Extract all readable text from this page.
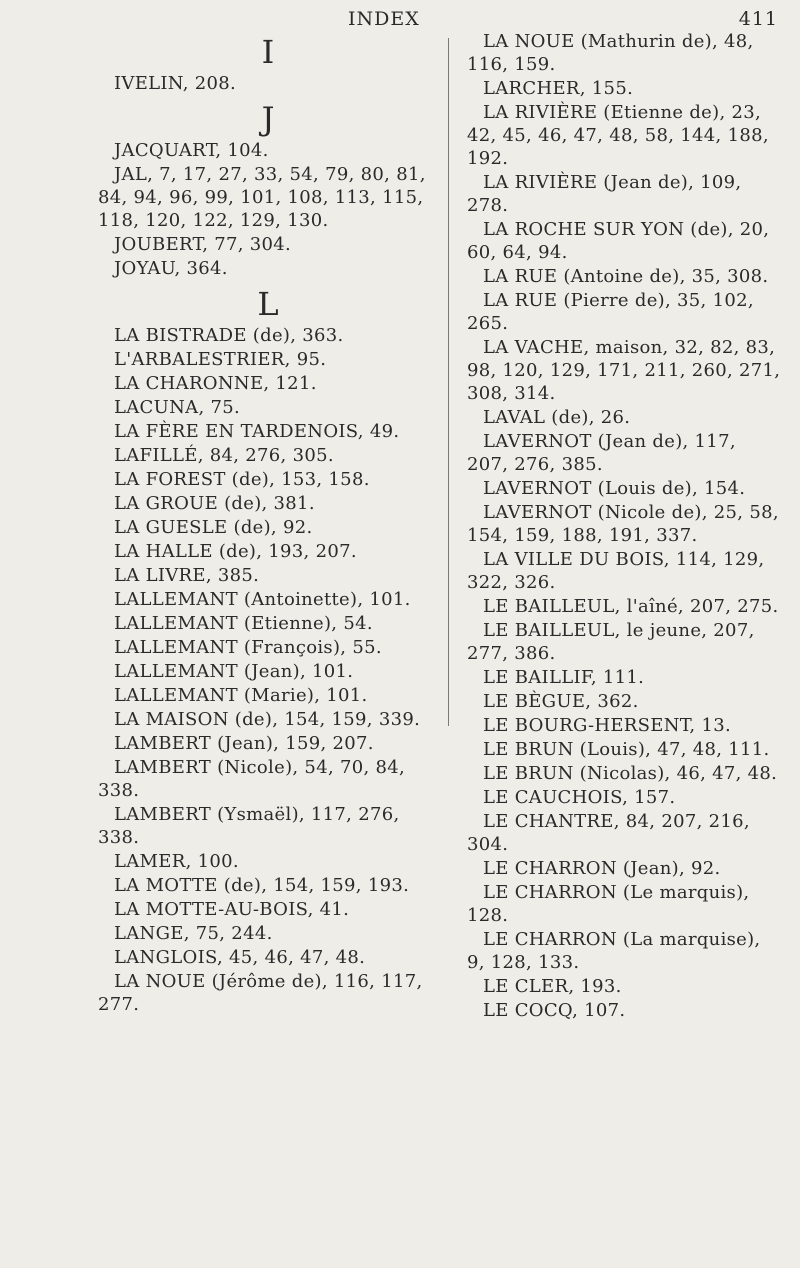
INDEX	411
I
IVELIN, 208.
J
JACQUART, 104.
JAL, 7, 17, 27, 33, 54, 79, 80, 81, 84, 94, 96, 99, 101, 108, 113, 115, 118, 120, 122, 129, 130.
JOUBERT, 77, 304.
JOYAU, 364.
L
LA BISTRADE (de), 363.
L'ARBALESTRIER, 95.
LA CHARONNE, 121.
LACUNA, 75.
LA FÈRE EN TARDENOIS, 49.
LAFILLÉ, 84, 276, 305.
LA FOREST (de), 153, 158.
LA GROUE (de), 381.
LA GUESLE (de), 92.
LA HALLE (de), 193, 207.
LA LIVRE, 385.
LALLEMANT (Antoinette), 101.
LALLEMANT (Etienne), 54.
LALLEMANT (François), 55.
LALLEMANT (Jean), 101.
LALLEMANT (Marie), 101.
LA MAISON (de), 154, 159, 339.
LAMBERT (Jean), 159, 207.
LAMBERT (Nicole), 54, 70, 84, 338.
LAMBERT (Ysmaël), 117, 276, 338.
LAMER, 100.
LA MOTTE (de), 154, 159, 193.
LA MOTTE-AU-BOIS, 41.
LANGE, 75, 244.
LANGLOIS, 45, 46, 47, 48.
LA NOUE (Jérôme de), 116, 117, 277.
LA NOUE (Mathurin de), 48, 116, 159.
LARCHER, 155.
LA RIVIÈRE (Etienne de), 23, 42, 45, 46, 47, 48, 58, 144, 188, 192.
LA RIVIÈRE (Jean de), 109, 278.
LA ROCHE SUR YON (de), 20, 60, 64, 94.
LA RUE (Antoine de), 35, 308.
LA RUE (Pierre de), 35, 102, 265.
LA VACHE, maison, 32, 82, 83, 98, 120, 129, 171, 211, 260, 271, 308, 314.
LAVAL (de), 26.
LAVERNOT (Jean de), 117, 207, 276, 385.
LAVERNOT (Louis de), 154.
LAVERNOT (Nicole de), 25, 58, 154, 159, 188, 191, 337.
LA VILLE DU BOIS, 114, 129, 322, 326.
LE BAILLEUL, l'aîné, 207, 275.
LE BAILLEUL, le jeune, 207, 277, 386.
LE BAILLIF, 111.
LE BÈGUE, 362.
LE BOURG-HERSENT, 13.
LE BRUN (Louis), 47, 48, 111.
LE BRUN (Nicolas), 46, 47, 48.
LE CAUCHOIS, 157.
LE CHANTRE, 84, 207, 216, 304.
LE CHARRON (Jean), 92.
LE CHARRON (Le marquis), 128.
LE CHARRON (La marquise), 9, 128, 133.
LE CLER, 193.
LE COCQ, 107.
